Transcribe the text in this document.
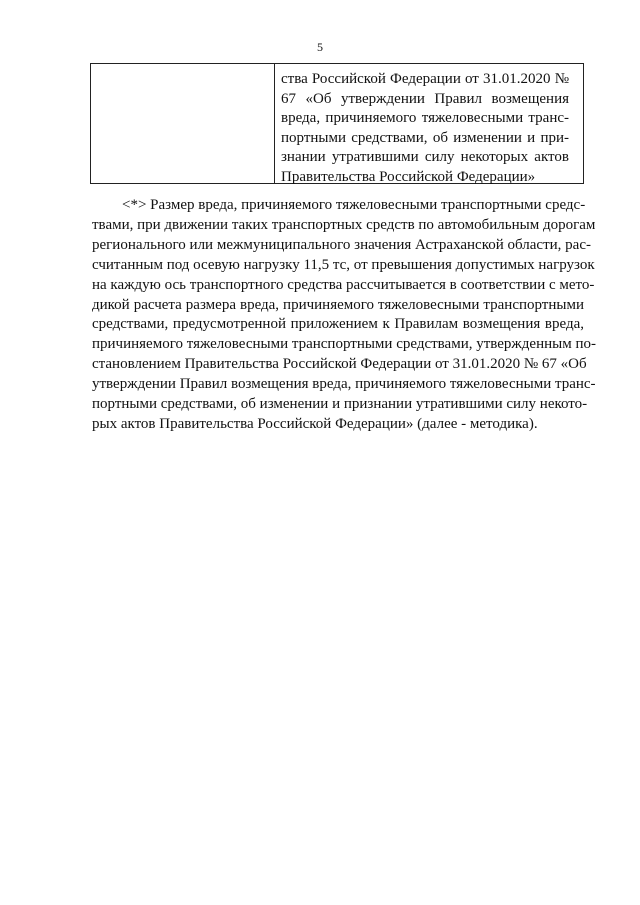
5
ства Российской Федерации от 31.01.2020 №
67 «Об утверждении Правил возмещения
вреда, причиняемого тяжеловесными транс-
портными средствами, об изменении и при-
знании утратившими силу некоторых актов
Правительства Российской Федерации»
<*> Размер вреда, причиняемого тяжеловесными транспортными средс-
твами, при движении таких транспортных средств по автомобильным дорогам
регионального или межмуниципального значения Астраханской области, рас-
считанным под осевую нагрузку 11,5 тс, от превышения допустимых нагрузок
на каждую ось транспортного средства рассчитывается в соответствии с мето-
дикой расчета размера вреда, причиняемого тяжеловесными транспортными
средствами, предусмотренной приложением к Правилам возмещения вреда,
причиняемого тяжеловесными транспортными средствами, утвержденным по-
становлением Правительства Российской Федерации от 31.01.2020 № 67 «Об
утверждении Правил возмещения вреда, причиняемого тяжеловесными транс-
портными средствами, об изменении и признании утратившими силу некото-
рых актов Правительства Российской Федерации» (далее - методика).
